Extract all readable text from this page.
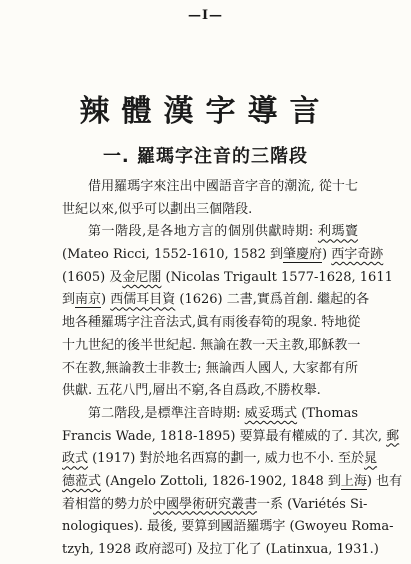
—I—
辣體漢字導言
一. 羅瑪字注音的三階段
借用羅瑪字來注出中國語音字音的潮流, 從十七
世紀以來,似乎可以劃出三個階段.
第一階段,是各地方言的個別供獻時期: 利瑪竇
(Mateo Ricci, 1552-1610, 1582 到肇慶府) 西字奇跡
(1605) 及金尼閣 (Nicolas Trigault 1577-1628, 1611
到南京) 西儒耳目資 (1626) 二書,實爲首創. 繼起的各
地各種羅瑪字注音法式,眞有雨後春筍的現象. 特地從
十九世紀的後半世紀起. 無論在教一天主教,耶穌教一
不在教,無論教士非教士; 無論西人國人, 大家都有所
供獻. 五花八門,層出不窮,各自爲政,不勝枚舉.
第二階段,是標準注音時期: 威妥瑪式 (Thomas
Francis Wade, 1818-1895) 要算最有權威的了. 其次, 郵
政式 (1917) 對於地名西寫的劃一, 威力也不小. 至於晁
德蒞式 (Angelo Zottoli, 1826-1902, 1848 到上海) 也有
着相當的勢力於中國學術研究叢書一系 (Variétés Si-
nologiques). 最後, 要算到國語羅瑪字 (Gwoyeu Roma-
tzyh, 1928 政府認可) 及拉丁化了 (Latinxua, 1931.)
